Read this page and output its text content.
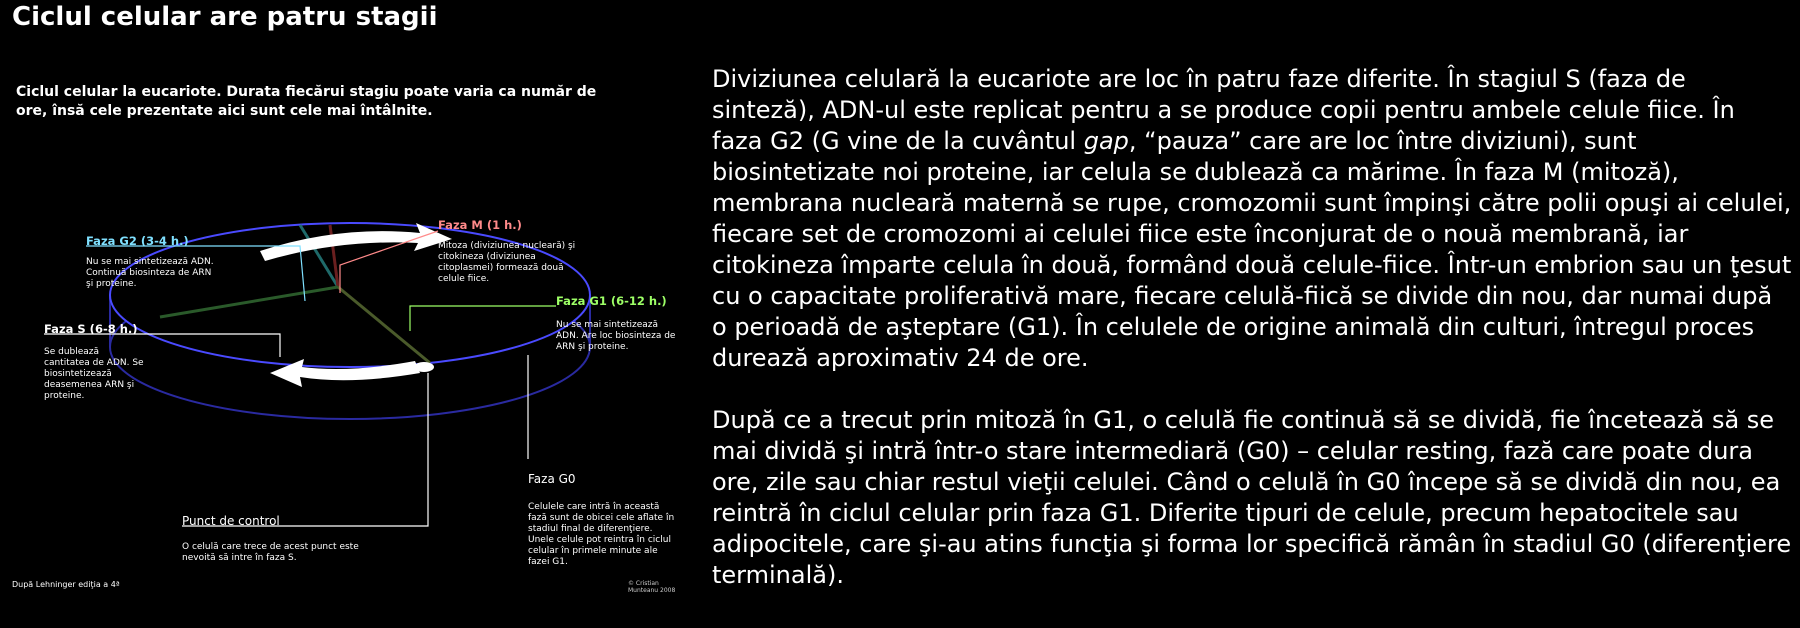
Ciclul celular are patru stagii
Ciclul celular la eucariote. Durata fiecărui stagiu poate varia ca număr de ore, însă cele prezentate aici sunt cele mai întâlnite.
Faza G2 (3-4 h.)
Nu se mai sintetizează ADN. Continuă biosinteza de ARN şi proteine.
Faza M (1 h.)
Mitoza (diviziunea nucleară) şi citokineza (diviziunea citoplasmei) formează două celule fiice.
Faza G1 (6-12 h.)
Nu se mai sintetizează ADN. Are loc biosinteza de ARN şi proteine.
Faza S (6-8 h.)
Se dublează cantitatea de ADN. Se biosintetizează deasemenea ARN şi proteine.
Faza G0
Celulele care intră în această fază sunt de obicei cele aflate în stadiul final de diferenţiere. Unele celule pot reintra în ciclul celular în primele minute ale fazei G1.
Punct de control
O celulă care trece de acest punct este nevoită să intre în faza S.
După Lehninger ediţia a 4ª	© Cristian Munteanu 2008

Diviziunea celulară la eucariote are loc în patru faze diferite. În stagiul S (faza de sinteză), ADN-ul este replicat pentru a se produce copii pentru ambele celule fiice. În faza G2 (G vine de la cuvântul gap, “pauza” care are loc între diviziuni), sunt biosintetizate noi proteine, iar celula se dublează ca mărime. În faza M (mitoză), membrana nucleară maternă se rupe, cromozomii sunt împinşi către polii opuşi ai celulei, fiecare set de cromozomi ai celulei fiice este înconjurat de o nouă membrană, iar citokineza împarte celula în două, formând două celule-fiice. Într-un embrion sau un ţesut cu o capacitate proliferativă mare, fiecare celulă-fiică se divide din nou, dar numai după o perioadă de aşteptare (G1). În celulele de origine animală din culturi, întregul proces durează aproximativ 24 de ore.

După ce a trecut prin mitoză în G1, o celulă fie continuă să se dividă, fie încetează să se mai dividă şi intră într-o stare intermediară (G0) – celular resting, fază care poate dura ore, zile sau chiar restul vieţii celulei. Când o celulă în G0 începe să se dividă din nou, ea reintră în ciclul celular prin faza G1. Diferite tipuri de celule, precum hepatocitele sau adipocitele, care şi-au atins funcţia şi forma lor specifică rămân în stadiul G0 (diferenţiere terminală).
